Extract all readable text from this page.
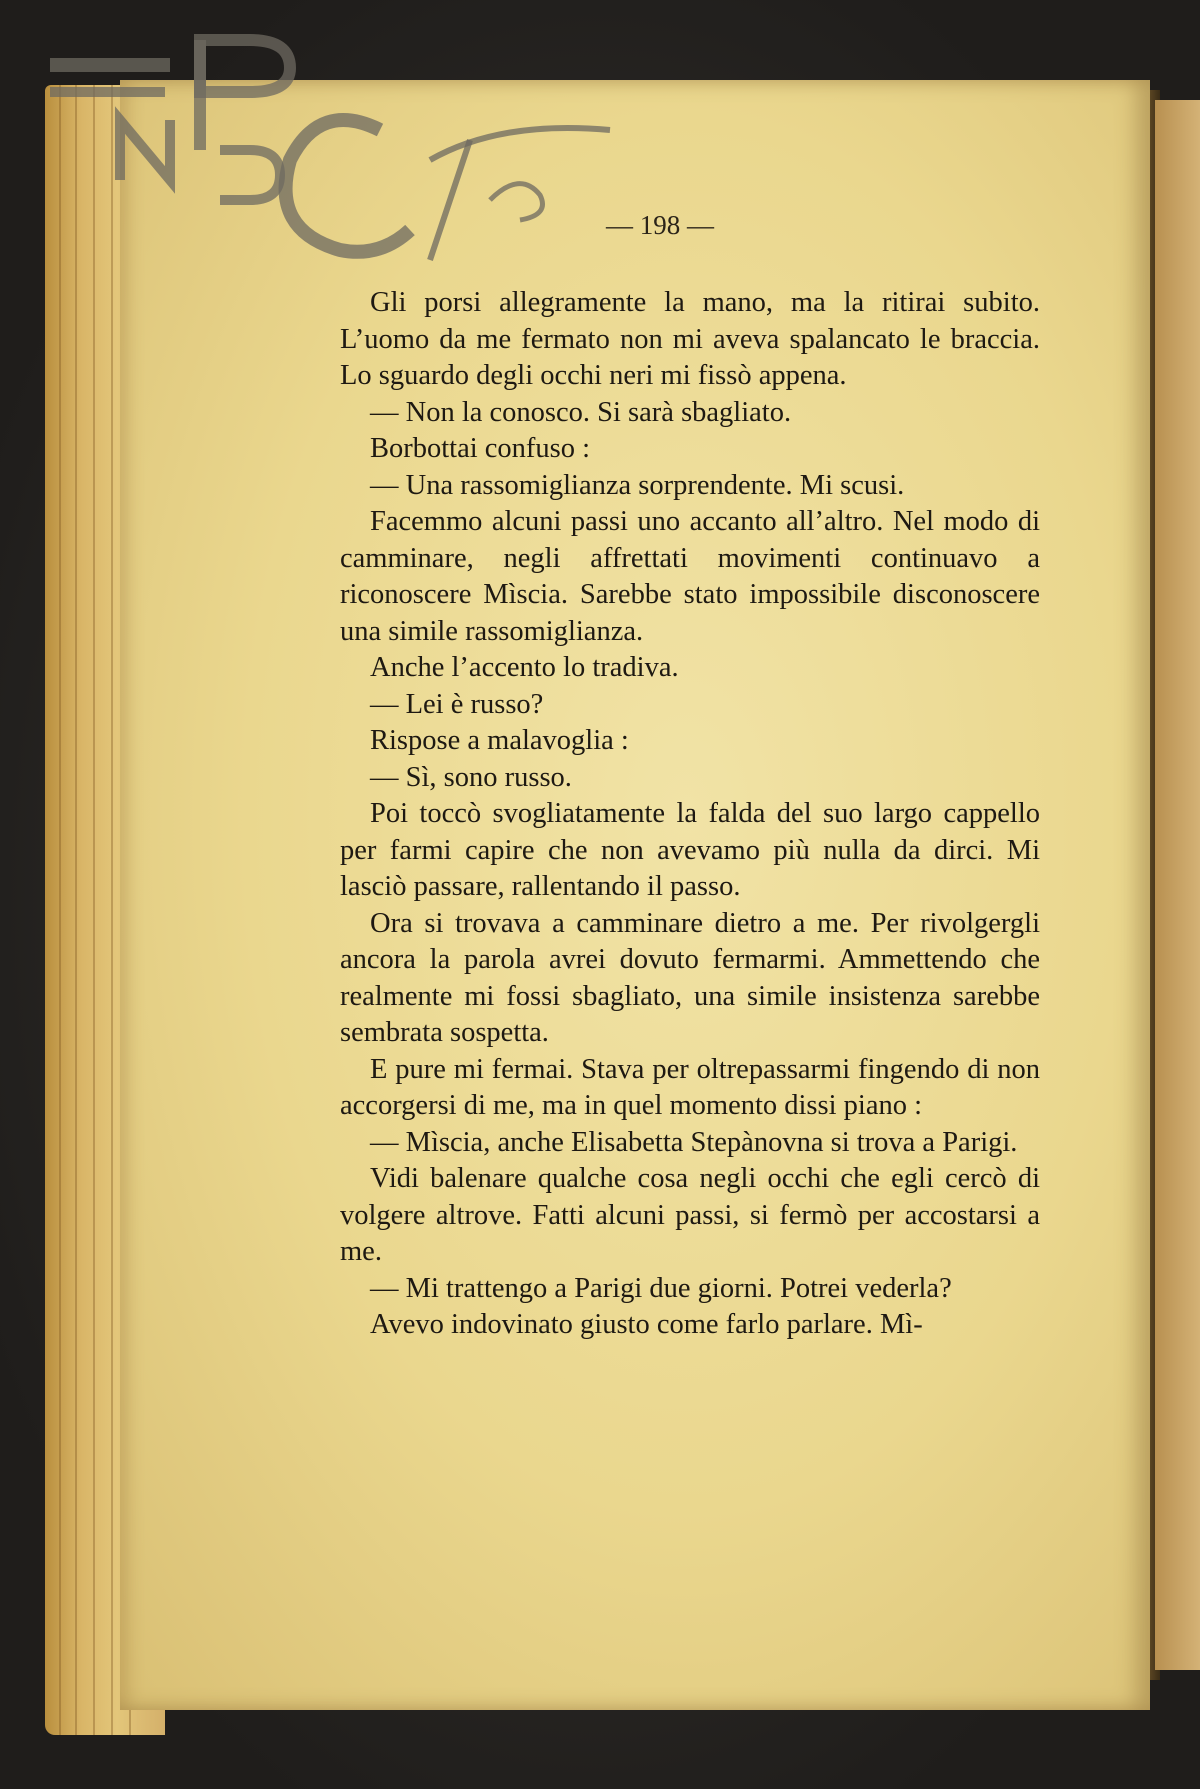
— 198 —

Gli porsi allegramente la mano, ma la ritirai subito. L’uomo da me fermato non mi aveva spalancato le braccia. Lo sguardo degli occhi neri mi fissò appena.

— Non la conosco. Si sarà sbagliato.

Borbottai confuso :

— Una rassomiglianza sorprendente. Mi scusi.

Facemmo alcuni passi uno accanto all’altro. Nel modo di camminare, negli affrettati movimenti continuavo a riconoscere Mìscia. Sarebbe stato impossibile disconoscere una simile rassomiglianza.

Anche l’accento lo tradiva.

— Lei è russo?

Rispose a malavoglia :

— Sì, sono russo.

Poi toccò svogliatamente la falda del suo largo cappello per farmi capire che non avevamo più nulla da dirci. Mi lasciò passare, rallentando il passo.

Ora si trovava a camminare dietro a me. Per rivolgergli ancora la parola avrei dovuto fermarmi. Ammettendo che realmente mi fossi sbagliato, una simile insistenza sarebbe sembrata sospetta.

E pure mi fermai. Stava per oltrepassarmi fingendo di non accorgersi di me, ma in quel momento dissi piano :

— Mìscia, anche Elisabetta Stepànovna si trova a Parigi.

Vidi balenare qualche cosa negli occhi che egli cercò di volgere altrove. Fatti alcuni passi, si fermò per accostarsi a me.

— Mi trattengo a Parigi due giorni. Potrei vederla?

Avevo indovinato giusto come farlo parlare. Mì-
